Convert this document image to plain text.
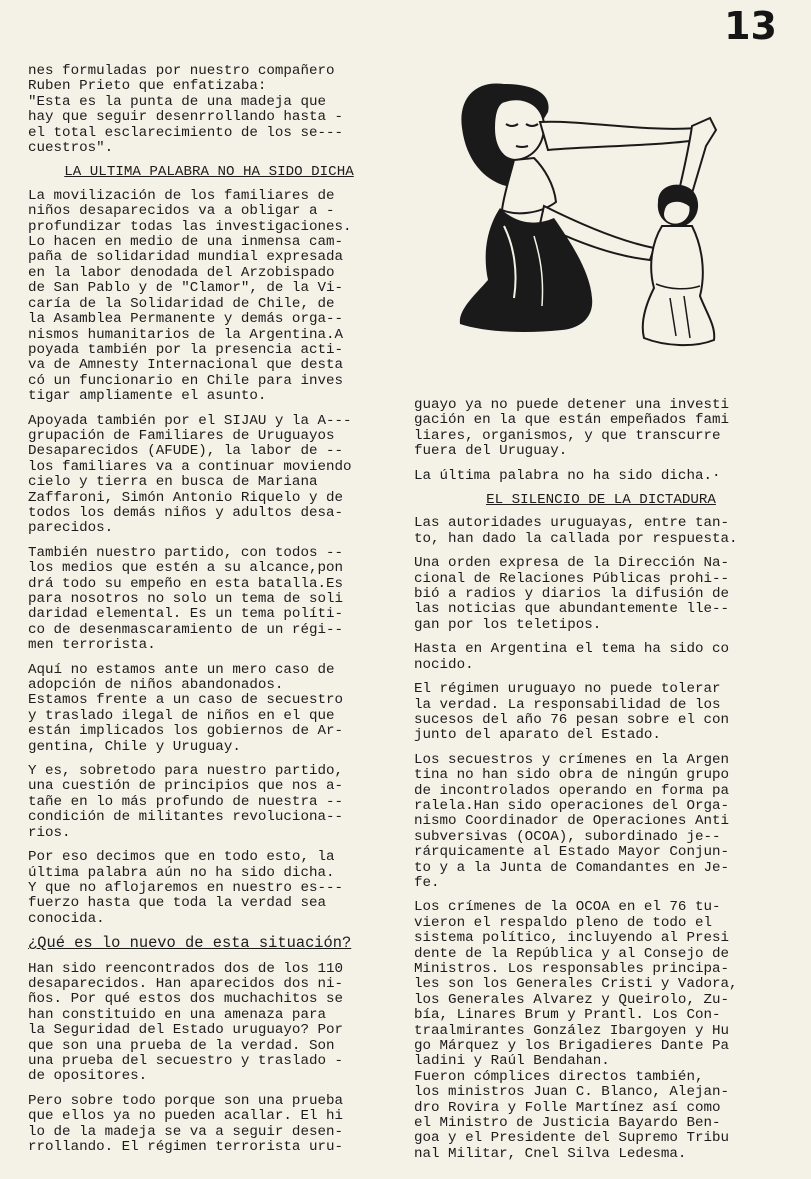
13

nes formuladas por nuestro compañero
Ruben Prieto que enfatizaba:
"Esta es la punta de una madeja que
hay que seguir desenrrollando hasta -
el total esclarecimiento de los se---
cuestros".

LA ULTIMA PALABRA NO HA SIDO DICHA

La movilización de los familiares de
niños desaparecidos va a obligar a -
profundizar todas las investigaciones.
Lo hacen en medio de una inmensa cam-
paña de solidaridad mundial expresada
en la labor denodada del Arzobispado
de San Pablo y de "Clamor", de la Vi-
caría de la Solidaridad de Chile, de
la Asamblea Permanente y demás orga--
nismos humanitarios de la Argentina.A
poyada también por la presencia acti-
va de Amnesty Internacional que desta
có un funcionario en Chile para inves
tigar ampliamente el asunto.

Apoyada también por el SIJAU y la A---
grupación de Familiares de Uruguayos
Desaparecidos (AFUDE), la labor de --
los familiares va a continuar moviendo
cielo y tierra en busca de Mariana
Zaffaroni, Simón Antonio Riquelo y de
todos los demás niños y adultos desa-
parecidos.

También nuestro partido, con todos --
los medios que estén a su alcance,pon
drá todo su empeño en esta batalla.Es
para nosotros no solo un tema de soli
daridad elemental. Es un tema políti-
co de desenmascaramiento de un régi--
men terrorista.

Aquí no estamos ante un mero caso de
adopción de niños abandonados.
Estamos frente a un caso de secuestro
y traslado ilegal de niños en el que
están implicados los gobiernos de Ar-
gentina, Chile y Uruguay.

Y es, sobretodo para nuestro partido,
una cuestión de principios que nos a-
tañe en lo más profundo de nuestra --
condición de militantes revoluciona--
rios.

Por eso decimos que en todo esto, la
última palabra aún no ha sido dicha.
Y que no aflojaremos en nuestro es---
fuerzo hasta que toda la verdad sea
conocida.

¿Qué es lo nuevo de esta situación?

Han sido reencontrados dos de los 110
desaparecidos. Han aparecidos dos ni-
ños. Por qué estos dos muchachitos se
han constituido en una amenaza para
la Seguridad del Estado uruguayo? Por
que son una prueba de la verdad. Son
una prueba del secuestro y traslado -
de opositores.

Pero sobre todo porque son una prueba
que ellos ya no pueden acallar. El hi
lo de la madeja se va a seguir desen-
rrollando. El régimen terrorista uru-

guayo ya no puede detener una investi
gación en la que están empeñados fami
liares, organismos, y que transcurre
fuera del Uruguay.

La última palabra no ha sido dicha.·

EL SILENCIO DE LA DICTADURA

Las autoridades uruguayas, entre tan-
to, han dado la callada por respuesta.

Una orden expresa de la Dirección Na-
cional de Relaciones Públicas prohi--
bió a radios y diarios la difusión de
las noticias que abundantemente lle--
gan por los teletipos.

Hasta en Argentina el tema ha sido co
nocido.

El régimen uruguayo no puede tolerar
la verdad. La responsabilidad de los
sucesos del año 76 pesan sobre el con
junto del aparato del Estado.

Los secuestros y crímenes en la Argen
tina no han sido obra de ningún grupo
de incontrolados operando en forma pa
ralela.Han sido operaciones del Orga-
nismo Coordinador de Operaciones Anti
subversivas (OCOA), subordinado je--
rárquicamente al Estado Mayor Conjun-
to y a la Junta de Comandantes en Je-
fe.

Los crímenes de la OCOA en el 76 tu-
vieron el respaldo pleno de todo el
sistema político, incluyendo al Presi
dente de la República y al Consejo de
Ministros. Los responsables principa-
les son los Generales Cristi y Vadora,
los Generales Alvarez y Queirolo, Zu-
bía, Linares Brum y Prantl. Los Con-
traalmirantes González Ibargoyen y Hu
go Márquez y los Brigadieres Dante Pa
ladini y Raúl Bendahan.

Fueron cómplices directos también,
los ministros Juan C. Blanco, Alejan-
dro Rovira y Folle Martínez así como
el Ministro de Justicia Bayardo Ben-
goa y el Presidente del Supremo Tribu
nal Militar, Cnel Silva Ledesma.
